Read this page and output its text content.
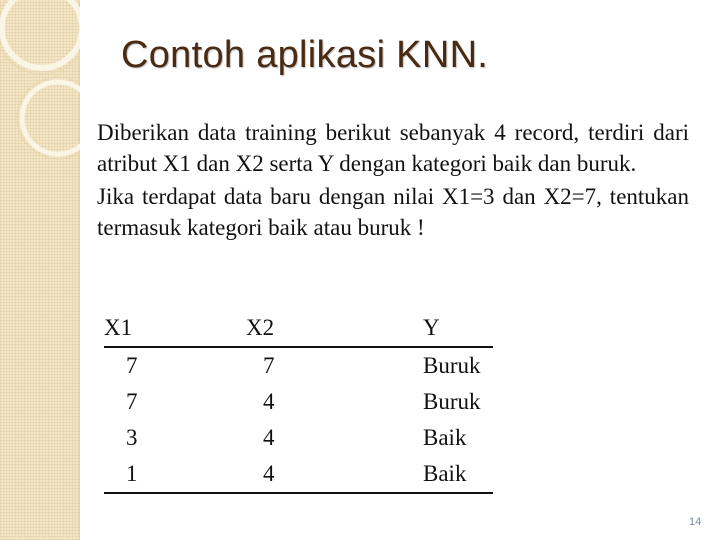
Contoh aplikasi KNN.

Diberikan data training berikut sebanyak 4 record, terdiri dari atribut X1 dan X2 serta Y dengan kategori baik dan buruk.

Jika terdapat data baru dengan nilai X1=3 dan X2=7, tentukan termasuk kategori baik atau buruk !

X1	X2	Y
7	7	Buruk
7	4	Buruk
3	4	Baik
1	4	Baik
14
